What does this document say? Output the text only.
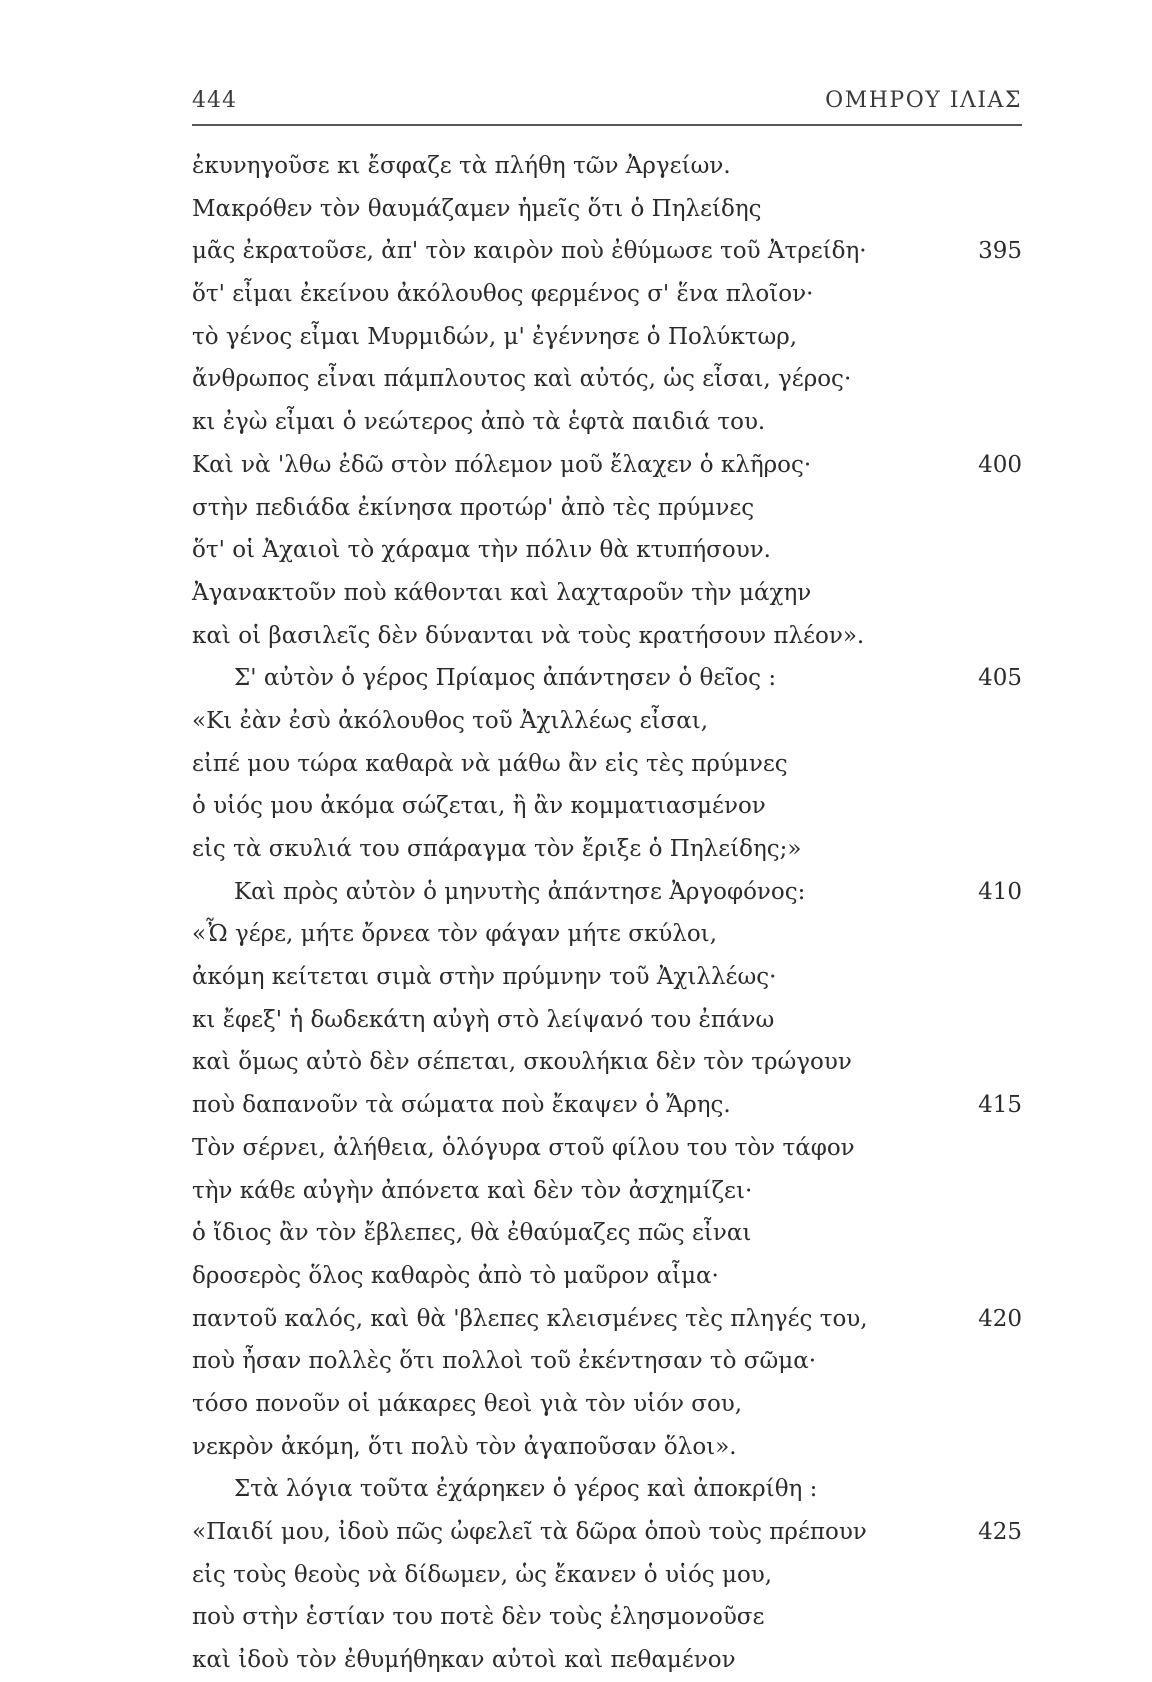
444	ΟΜΗΡΟΥ ΙΛΙΑΣ
ἐκυνηγοῦσε κι ἔσφαζε τὰ πλήθη τῶν Ἀργείων.
Μακρόθεν τὸν θαυμάζαμεν ἡμεῖς ὅτι ὁ Πηλείδης
μᾶς ἐκρατοῦσε, ἀπ' τὸν καιρὸν ποὺ ἐθύμωσε τοῦ Ἀτρείδη·	395
ὅτ' εἶμαι ἐκείνου ἀκόλουθος φερμένος σ' ἕνα πλοῖον·
τὸ γένος εἶμαι Μυρμιδών, μ' ἐγέννησε ὁ Πολύκτωρ,
ἄνθρωπος εἶναι πάμπλουτος καὶ αὐτός, ὡς εἶσαι, γέρος·
κι ἐγὼ εἶμαι ὁ νεώτερος ἀπὸ τὰ ἑφτὰ παιδιά του.
Καὶ νὰ 'λθω ἐδῶ στὸν πόλεμον μοῦ ἔλαχεν ὁ κλῆρος·	400
στὴν πεδιάδα ἐκίνησα προτώρ' ἀπὸ τὲς πρύμνες
ὅτ' οἱ Ἀχαιοὶ τὸ χάραμα τὴν πόλιν θὰ κτυπήσουν.
Ἀγανακτοῦν ποὺ κάθονται καὶ λαχταροῦν τὴν μάχην
καὶ οἱ βασιλεῖς δὲν δύνανται νὰ τοὺς κρατήσουν πλέον».
Σ' αὐτὸν ὁ γέρος Πρίαμος ἀπάντησεν ὁ θεῖος :	405
«Κι ἐὰν ἐσὺ ἀκόλουθος τοῦ Ἀχιλλέως εἶσαι,
εἰπέ μου τώρα καθαρὰ νὰ μάθω ἂν εἰς τὲς πρύμνες
ὁ υἱός μου ἀκόμα σώζεται, ἢ ἂν κομματιασμένον
εἰς τὰ σκυλιά του σπάραγμα τὸν ἔριξε ὁ Πηλείδης;»
Καὶ πρὸς αὐτὸν ὁ μηνυτὴς ἀπάντησε Ἀργοφόνος:	410
«Ὦ γέρε, μήτε ὄρνεα τὸν φάγαν μήτε σκύλοι,
ἀκόμη κείτεται σιμὰ στὴν πρύμνην τοῦ Ἀχιλλέως·
κι ἔφεξ' ἡ δωδεκάτη αὐγὴ στὸ λείψανό του ἐπάνω
καὶ ὅμως αὐτὸ δὲν σέπεται, σκουλήκια δὲν τὸν τρώγουν
ποὺ δαπανοῦν τὰ σώματα ποὺ ἔκαψεν ὁ Ἄρης.	415
Τὸν σέρνει, ἀλήθεια, ὁλόγυρα στοῦ φίλου του τὸν τάφον
τὴν κάθε αὐγὴν ἀπόνετα καὶ δὲν τὸν ἀσχημίζει·
ὁ ἴδιος ἂν τὸν ἔβλεπες, θὰ ἐθαύμαζες πῶς εἶναι
δροσερὸς ὅλος καθαρὸς ἀπὸ τὸ μαῦρον αἷμα·
παντοῦ καλός, καὶ θὰ 'βλεπες κλεισμένες τὲς πληγές του,	420
ποὺ ἦσαν πολλὲς ὅτι πολλοὶ τοῦ ἐκέντησαν τὸ σῶμα·
τόσο πονοῦν οἱ μάκαρες θεοὶ γιὰ τὸν υἱόν σου,
νεκρὸν ἀκόμη, ὅτι πολὺ τὸν ἀγαποῦσαν ὅλοι».
Στὰ λόγια τοῦτα ἐχάρηκεν ὁ γέρος καὶ ἀποκρίθη :
«Παιδί μου, ἰδοὺ πῶς ὠφελεῖ τὰ δῶρα ὁποὺ τοὺς πρέπουν	425
εἰς τοὺς θεοὺς νὰ δίδωμεν, ὡς ἔκανεν ὁ υἱός μου,
ποὺ στὴν ἑστίαν του ποτὲ δὲν τοὺς ἐλησμονοῦσε
καὶ ἰδοὺ τὸν ἐθυμήθηκαν αὐτοὶ καὶ πεθαμένον
